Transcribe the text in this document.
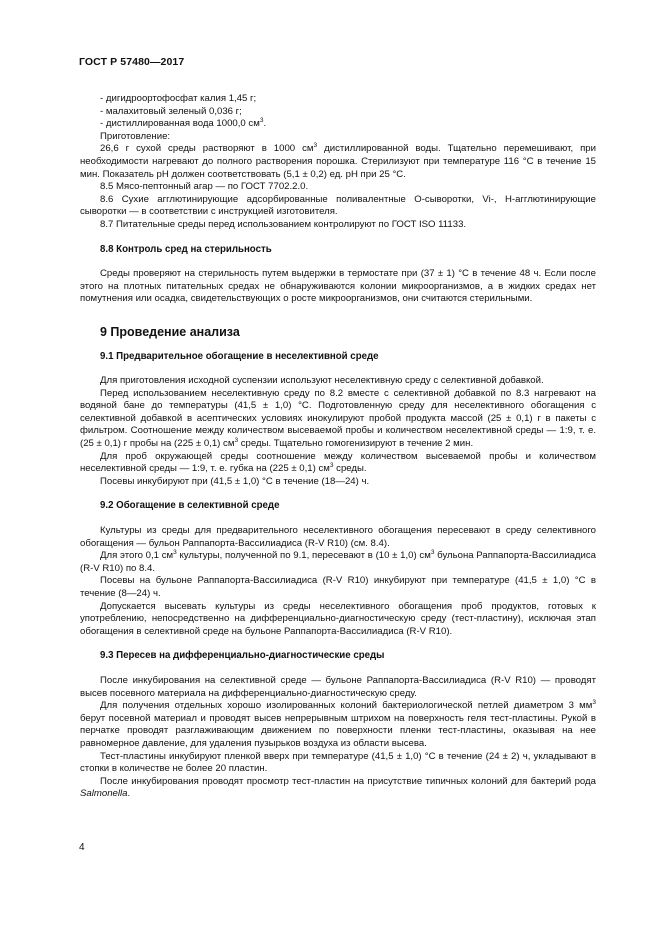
ГОСТ Р 57480—2017

- дигидроортофосфат калия 1,45 г;

- малахитовый зеленый 0,036 г;

- дистиллированная вода 1000,0 $см^3$.

Приготовление:

26,6 г сухой среды растворяют в 1000 $см^3$ дистиллированной воды. Тщательно перемешивают, при необходимости нагревают до полного растворения порошка. Стерилизуют при температуре 116 °С в течение 15 мин. Показатель рН должен соответствовать (5,1 ± 0,2) ед. рН при 25 °С.

8.5 Мясо-пептонный агар — по ГОСТ 7702.2.0.

8.6 Сухие агглютинирующие адсорбированные поливалентные О-сыворотки, Vi-, Н-агглютинирующие сыворотки — в соответствии с инструкцией изготовителя.

8.7 Питательные среды перед использованием контролируют по ГОСТ ISO 11133.

8.8 Контроль сред на стерильность

Среды проверяют на стерильность путем выдержки в термостате при (37 ± 1) °С в течение 48 ч. Если после этого на плотных питательных средах не обнаруживаются колонии микроорганизмов, а в жидких средах нет помутнения или осадка, свидетельствующих о росте микроорганизмов, они считаются стерильными.

9 Проведение анализа

9.1 Предварительное обогащение в неселективной среде

Для приготовления исходной суспензии используют неселективную среду с селективной добавкой.

Перед использованием неселективную среду по 8.2 вместе с селективной добавкой по 8.3 нагревают на водяной бане до температуры (41,5 ± 1,0) °С. Подготовленную среду для неселективного обогащения с селективной добавкой в асептических условиях инокулируют пробой продукта массой (25 ± 0,1) г в пакеты с фильтром. Соотношение между количеством высеваемой пробы и количеством неселективной среды — 1:9, т. е. (25 ± 0,1) г пробы на (225 ± 0,1) $см^3$ среды. Тщательно гомогенизируют в течение 2 мин.

Для проб окружающей среды соотношение между количеством высеваемой пробы и количеством неселективной среды — 1:9, т. е. губка на (225 ± 0,1) $см^3$ среды.

Посевы инкубируют при (41,5 ± 1,0) °С в течение (18—24) ч.

9.2 Обогащение в селективной среде

Культуры из среды для предварительного неселективного обогащения пересевают в среду селективного обогащения — бульон Раппапорта-Вассилиадиса (R-V R10) (см. 8.4).

Для этого 0,1 $см^3$ культуры, полученной по 9.1, пересевают в (10 ± 1,0) $см^3$ бульона Раппапорта-Вассилиадиса (R-V R10) по 8.4.

Посевы на бульоне Раппапорта-Вассилиадиса (R-V R10) инкубируют при температуре (41,5 ± 1,0) °С в течение (8—24) ч.

Допускается высевать культуры из среды неселективного обогащения проб продуктов, готовых к употреблению, непосредственно на дифференциально-диагностическую среду (тест-пластину), исключая этап обогащения в селективной среде на бульоне Раппапорта-Вассилиадиса (R-V R10).

9.3 Пересев на дифференциально-диагностические среды

После инкубирования на селективной среде — бульоне Раппапорта-Вассилиадиса (R-V R10) — проводят высев посевного материала на дифференциально-диагностическую среду.

Для получения отдельных хорошо изолированных колоний бактериологической петлей диаметром 3 $мм^3$ берут посевной материал и проводят высев непрерывным штрихом на поверхность геля тест-пластины. Рукой в перчатке проводят разглаживающим движением по поверхности пленки тест-пластины, оказывая на нее равномерное давление, для удаления пузырьков воздуха из области высева.

Тест-пластины инкубируют пленкой вверх при температуре (41,5 ± 1,0) °С в течение (24 ± 2) ч, укладывают в стопки в количестве не более 20 пластин.

После инкубирования проводят просмотр тест-пластин на присутствие типичных колоний для бактерий рода Salmonella.

4
